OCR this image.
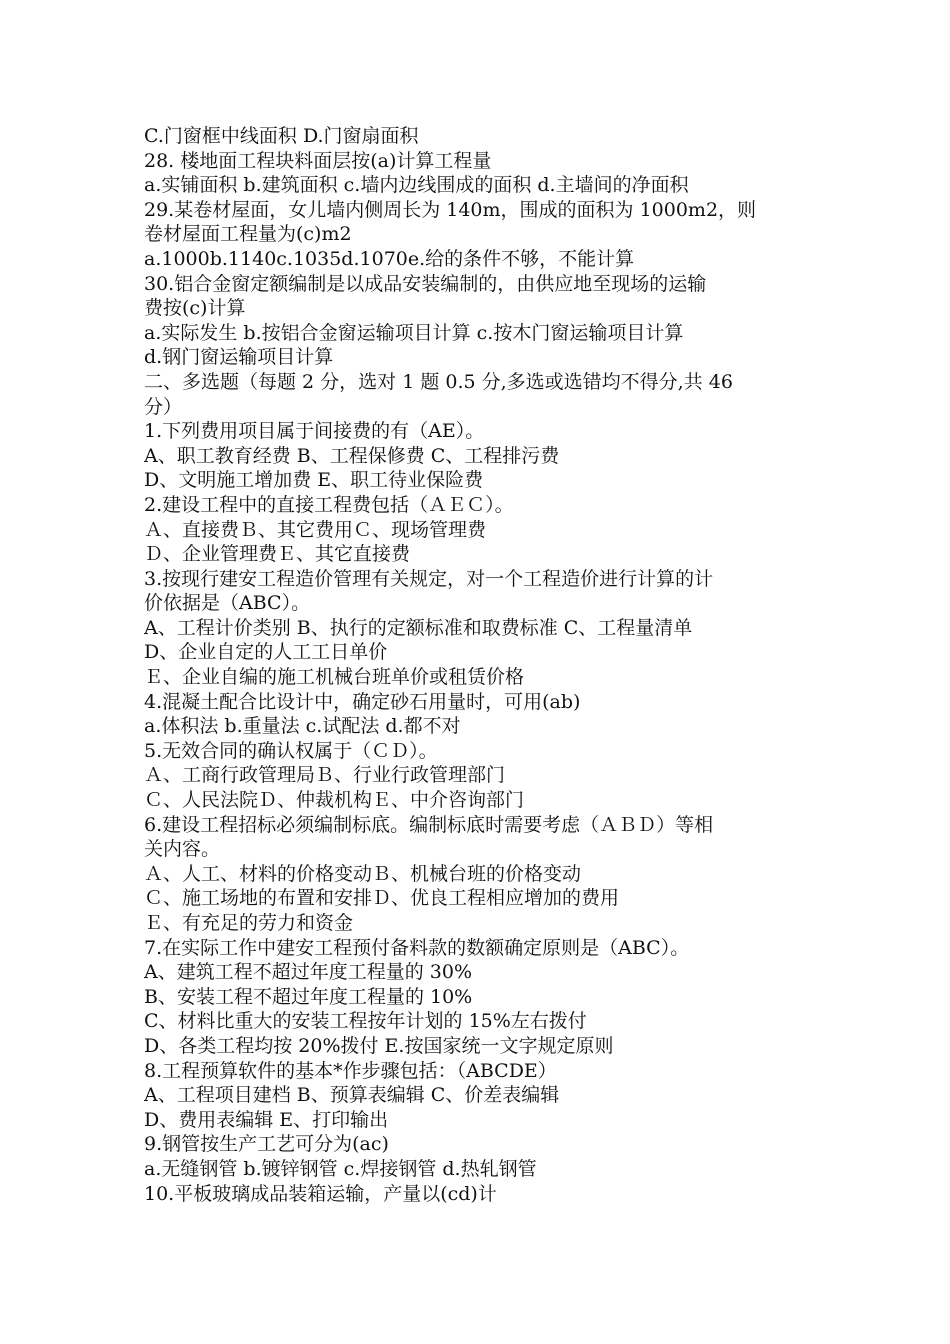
C.门窗框中线面积 D.门窗扇面积
28. 楼地面工程块料面层按(a)计算工程量
a.实铺面积 b.建筑面积 c.墙内边线围成的面积 d.主墙间的净面积
29.某卷材屋面，女儿墙内侧周长为 140m，围成的面积为 1000m2，则
卷材屋面工程量为(c)m2
a.1000b.1140c.1035d.1070e.给的条件不够，不能计算
30.铝合金窗定额编制是以成品安装编制的，由供应地至现场的运输
费按(c)计算
a.实际发生 b.按铝合金窗运输项目计算 c.按木门窗运输项目计算
d.钢门窗运输项目计算
二、多选题（每题 2 分，选对 1 题 0.5 分,多选或选错均不得分,共 46
分）
1.下列费用项目属于间接费的有（AE）。
A、职工教育经费 B、工程保修费 C、工程排污费
D、文明施工增加费 E、职工待业保险费
2.建设工程中的直接工程费包括（ＡＥＣ）。
Ａ、直接费Ｂ、其它费用Ｃ、现场管理费
Ｄ、企业管理费Ｅ、其它直接费
3.按现行建安工程造价管理有关规定，对一个工程造价进行计算的计
价依据是（ABC）。
A、工程计价类别 B、执行的定额标准和取费标准 C、工程量清单
D、企业自定的人工工日单价
Ｅ、企业自编的施工机械台班单价或租赁价格
4.混凝土配合比设计中，确定砂石用量时，可用(ab)
a.体积法 b.重量法 c.试配法 d.都不对
5.无效合同的确认权属于（ＣＤ）。
Ａ、工商行政管理局Ｂ、行业行政管理部门
Ｃ、人民法院Ｄ、仲裁机构Ｅ、中介咨询部门
6.建设工程招标必须编制标底。编制标底时需要考虑（ＡＢＤ）等相
关内容。
Ａ、人工、材料的价格变动Ｂ、机械台班的价格变动
Ｃ、施工场地的布置和安排Ｄ、优良工程相应增加的费用
Ｅ、有充足的劳力和资金
7.在实际工作中建安工程预付备料款的数额确定原则是（ABC）。
A、建筑工程不超过年度工程量的 30%
B、安装工程不超过年度工程量的 10%
C、材料比重大的安装工程按年计划的 15%左右拨付
D、各类工程均按 20%拨付 E.按国家统一文字规定原则
8.工程预算软件的基本*作步骤包括：（ABCDE）
A、工程项目建档 B、预算表编辑 C、价差表编辑
D、费用表编辑 E、打印输出
9.钢管按生产工艺可分为(ac)
a.无缝钢管 b.镀锌钢管 c.焊接钢管 d.热轧钢管
10.平板玻璃成品装箱运输，产量以(cd)计
